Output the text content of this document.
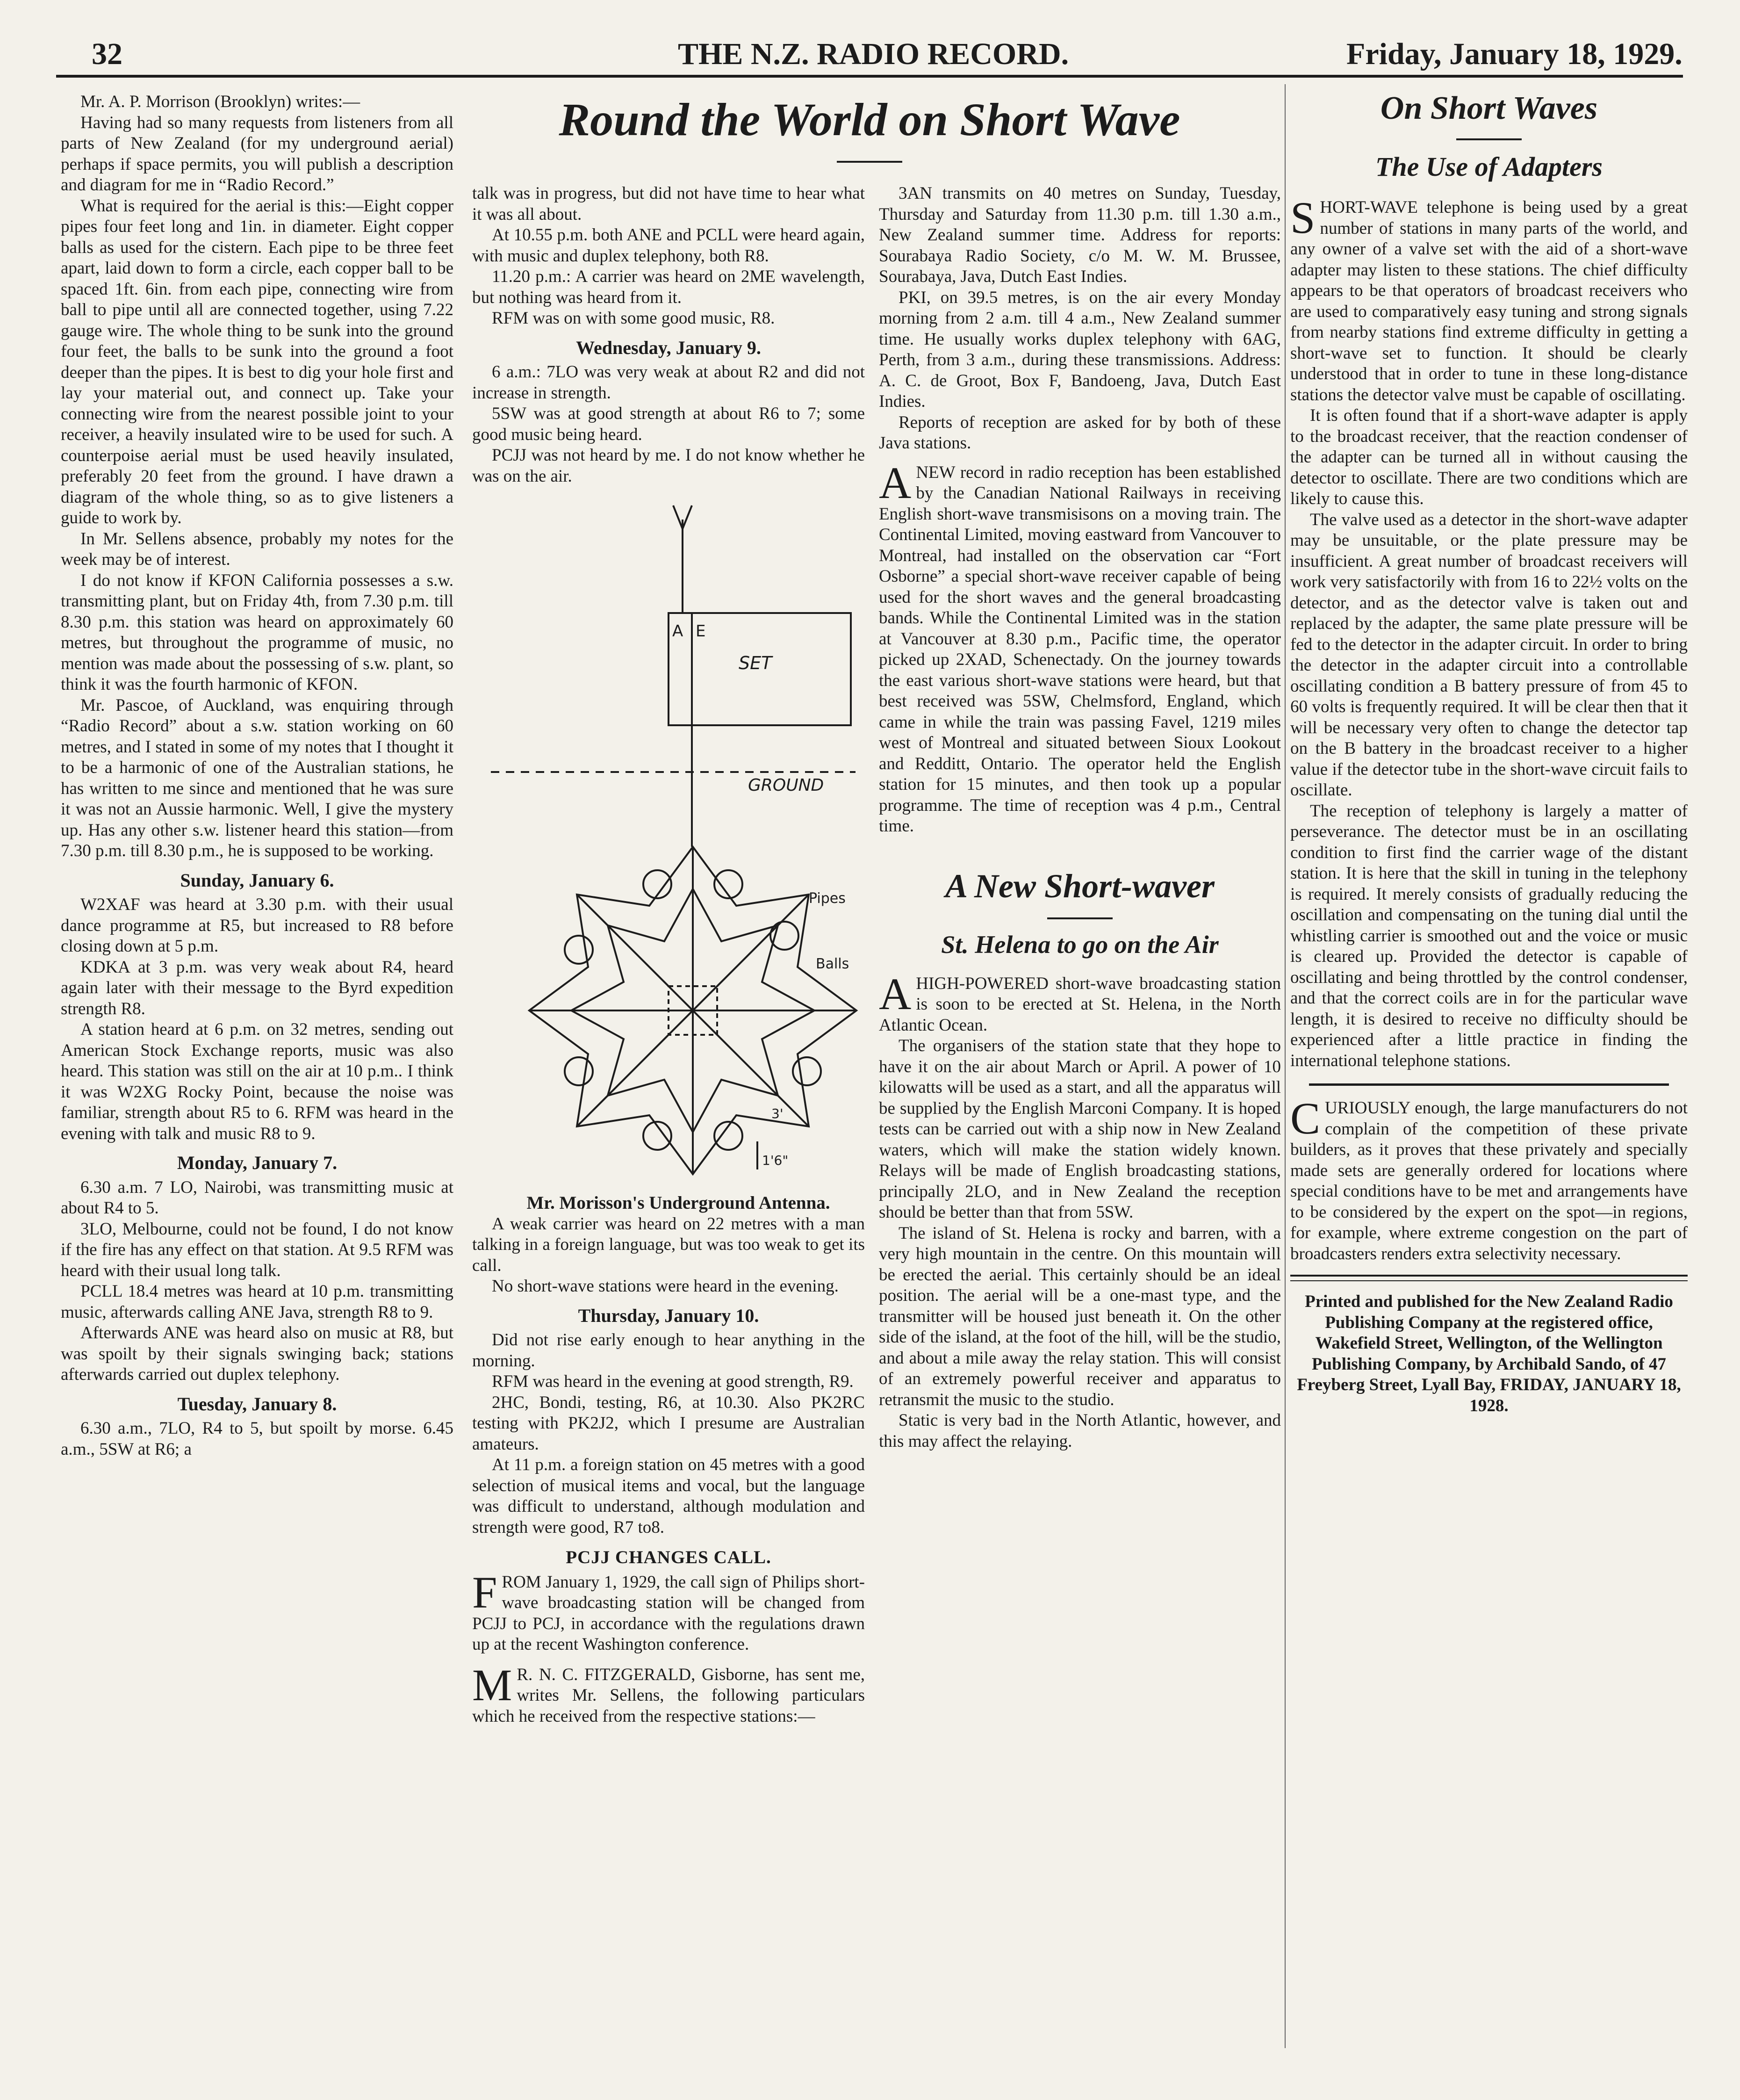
32	THE N.Z. RADIO RECORD.	Friday, January 18, 1929.

Mr. A. P. Morrison (Brooklyn) writes:—

Having had so many requests from listeners from all parts of New Zealand (for my underground aerial) perhaps if space permits, you will publish a description and diagram for me in “Radio Record.”

What is required for the aerial is this:—Eight copper pipes four feet long and 1in. in diameter. Eight copper balls as used for the cistern. Each pipe to be three feet apart, laid down to form a circle, each copper ball to be spaced 1ft. 6in. from each pipe, connecting wire from ball to pipe until all are connected together, using 7.22 gauge wire. The whole thing to be sunk into the ground four feet, the balls to be sunk into the ground a foot deeper than the pipes. It is best to dig your hole first and lay your material out, and connect up. Take your connecting wire from the nearest possible joint to your receiver, a heavily insulated wire to be used for such. A counterpoise aerial must be used heavily insulated, preferably 20 feet from the ground. I have drawn a diagram of the whole thing, so as to give listeners a guide to work by.

In Mr. Sellens absence, probably my notes for the week may be of interest.

I do not know if KFON California possesses a s.w. transmitting plant, but on Friday 4th, from 7.30 p.m. till 8.30 p.m. this station was heard on approximately 60 metres, but throughout the programme of music, no mention was made about the possessing of s.w. plant, so think it was the fourth harmonic of KFON.

Mr. Pascoe, of Auckland, was enquiring through “Radio Record” about a s.w. station working on 60 metres, and I stated in some of my notes that I thought it to be a harmonic of one of the Australian stations, he has written to me since and mentioned that he was sure it was not an Aussie harmonic. Well, I give the mystery up. Has any other s.w. listener heard this station—from 7.30 p.m. till 8.30 p.m., he is supposed to be working.

Sunday, January 6.

W2XAF was heard at 3.30 p.m. with their usual dance programme at R5, but increased to R8 before closing down at 5 p.m.

KDKA at 3 p.m. was very weak about R4, heard again later with their message to the Byrd expedition strength R8.

A station heard at 6 p.m. on 32 metres, sending out American Stock Exchange reports, music was also heard. This station was still on the air at 10 p.m.. I think it was W2XG Rocky Point, because the noise was familiar, strength about R5 to 6. RFM was heard in the evening with talk and music R8 to 9.

Monday, January 7.

6.30 a.m. 7 LO, Nairobi, was transmitting music at about R4 to 5.

3LO, Melbourne, could not be found, I do not know if the fire has any effect on that station. At 9.5 RFM was heard with their usual long talk.

PCLL 18.4 metres was heard at 10 p.m. transmitting music, afterwards calling ANE Java, strength R8 to 9.

Afterwards ANE was heard also on music at R8, but was spoilt by their signals swinging back; stations afterwards carried out duplex telephony.

Tuesday, January 8.

6.30 a.m., 7LO, R4 to 5, but spoilt by morse. 6.45 a.m., 5SW at R6; a

Round the World on Short Wave

talk was in progress, but did not have time to hear what it was all about.

At 10.55 p.m. both ANE and PCLL were heard again, with music and duplex telephony, both R8.

11.20 p.m.: A carrier was heard on 2ME wavelength, but nothing was heard from it.

RFM was on with some good music, R8.

Wednesday, January 9.

6 a.m.: 7LO was very weak at about R2 and did not increase in strength.

5SW was at good strength at about R6 to 7; some good music being heard.

PCJJ was not heard by me. I do not know whether he was on the air.

A E
SET
GROUND
Pipes
Balls
3'
1'6"

Mr. Morisson's Underground Antenna.

A weak carrier was heard on 22 metres with a man talking in a foreign language, but was too weak to get its call.

No short-wave stations were heard in the evening.

Thursday, January 10.

Did not rise early enough to hear anything in the morning.

RFM was heard in the evening at good strength, R9.

2HC, Bondi, testing, R6, at 10.30. Also PK2RC testing with PK2J2, which I presume are Australian amateurs.

At 11 p.m. a foreign station on 45 metres with a good selection of musical items and vocal, but the language was difficult to understand, although modulation and strength were good, R7 to8.

PCJJ CHANGES CALL.

FROM January 1, 1929, the call sign of Philips short-wave broadcasting station will be changed from PCJJ to PCJ, in accordance with the regulations drawn up at the recent Washington conference.

M R. N. C. FITZGERALD, Gisborne, has sent me, writes Mr. Sellens, the following particulars which he received from the respective stations:—

3AN transmits on 40 metres on Sunday, Tuesday, Thursday and Saturday from 11.30 p.m. till 1.30 a.m., New Zealand summer time. Address for reports: Sourabaya Radio Society, c/o M. W. M. Brussee, Sourabaya, Java, Dutch East Indies.

PKI, on 39.5 metres, is on the air every Monday morning from 2 a.m. till 4 a.m., New Zealand summer time. He usually works duplex telephony with 6AG, Perth, from 3 a.m., during these transmissions. Address: A. C. de Groot, Box F, Bandoeng, Java, Dutch East Indies.

Reports of reception are asked for by both of these Java stations.

ANEW record in radio reception has been established by the Canadian National Railways in receiving English short-wave transmisisons on a moving train. The Continental Limited, moving eastward from Vancouver to Montreal, had installed on the observation car “Fort Osborne” a special short-wave receiver capable of being used for the short waves and the general broadcasting bands. While the Continental Limited was in the station at Vancouver at 8.30 p.m., Pacific time, the operator picked up 2XAD, Schenectady. On the journey towards the east various short-wave stations were heard, but that best received was 5SW, Chelmsford, England, which came in while the train was passing Favel, 1219 miles west of Montreal and situated between Sioux Lookout and Redditt, Ontario. The operator held the English station for 15 minutes, and then took up a popular programme. The time of reception was 4 p.m., Central time.

A New Short-waver
St. Helena to go on the Air

AHIGH-POWERED short-wave broadcasting station is soon to be erected at St. Helena, in the North Atlantic Ocean.

The organisers of the station state that they hope to have it on the air about March or April. A power of 10 kilowatts will be used as a start, and all the apparatus will be supplied by the English Marconi Company. It is hoped tests can be carried out with a ship now in New Zealand waters, which will make the station widely known. Relays will be made of English broadcasting stations, principally 2LO, and in New Zealand the reception should be better than that from 5SW.

The island of St. Helena is rocky and barren, with a very high mountain in the centre. On this mountain will be erected the aerial. This certainly should be an ideal position. The aerial will be a one-mast type, and the transmitter will be housed just beneath it. On the other side of the island, at the foot of the hill, will be the studio, and about a mile away the relay station. This will consist of an extremely powerful receiver and apparatus to retransmit the music to the studio.

Static is very bad in the North Atlantic, however, and this may affect the relaying.

On Short Waves
The Use of Adapters

SHORT-WAVE telephone is being used by a great number of stations in many parts of the world, and any owner of a valve set with the aid of a short-wave adapter may listen to these stations. The chief difficulty appears to be that operators of broadcast receivers who are used to comparatively easy tuning and strong signals from nearby stations find extreme difficulty in getting a short-wave set to function. It should be clearly understood that in order to tune in these long-distance stations the detector valve must be capable of oscillating.

It is often found that if a short-wave adapter is apply to the broadcast receiver, that the reaction condenser of the adapter can be turned all in without causing the detector to oscillate. There are two conditions which are likely to cause this.

The valve used as a detector in the short-wave adapter may be unsuitable, or the plate pressure may be insufficient. A great number of broadcast receivers will work very satisfactorily with from 16 to 22½ volts on the detector, and as the detector valve is taken out and replaced by the adapter, the same plate pressure will be fed to the detector in the adapter circuit. In order to bring the detector in the adapter circuit into a controllable oscillating condition a B battery pressure of from 45 to 60 volts is frequently required. It will be clear then that it will be necessary very often to change the detector tap on the B battery in the broadcast receiver to a higher value if the detector tube in the short-wave circuit fails to oscillate.

The reception of telephony is largely a matter of perseverance. The detector must be in an oscillating condition to first find the carrier wage of the distant station. It is here that the skill in tuning in the telephony is required. It merely consists of gradually reducing the oscillation and compensating on the tuning dial until the whistling carrier is smoothed out and the voice or music is cleared up. Provided the detector is capable of oscillating and being throttled by the control condenser, and that the correct coils are in for the particular wave length, it is desired to receive no difficulty should be experienced after a little practice in finding the international telephone stations.

CURIOUSLY enough, the large manufacturers do not complain of the competition of these private builders, as it proves that these privately and specially made sets are generally ordered for locations where special conditions have to be met and arrangements have to be considered by the expert on the spot—in regions, for example, where extreme congestion on the part of broadcasters renders extra selectivity necessary.

Printed and published for the New Zealand Radio Publishing Company at the registered office, Wakefield Street, Wellington, of the Wellington Publishing Company, by Archibald Sando, of 47 Freyberg Street, Lyall Bay, FRIDAY, JANUARY 18, 1928.
